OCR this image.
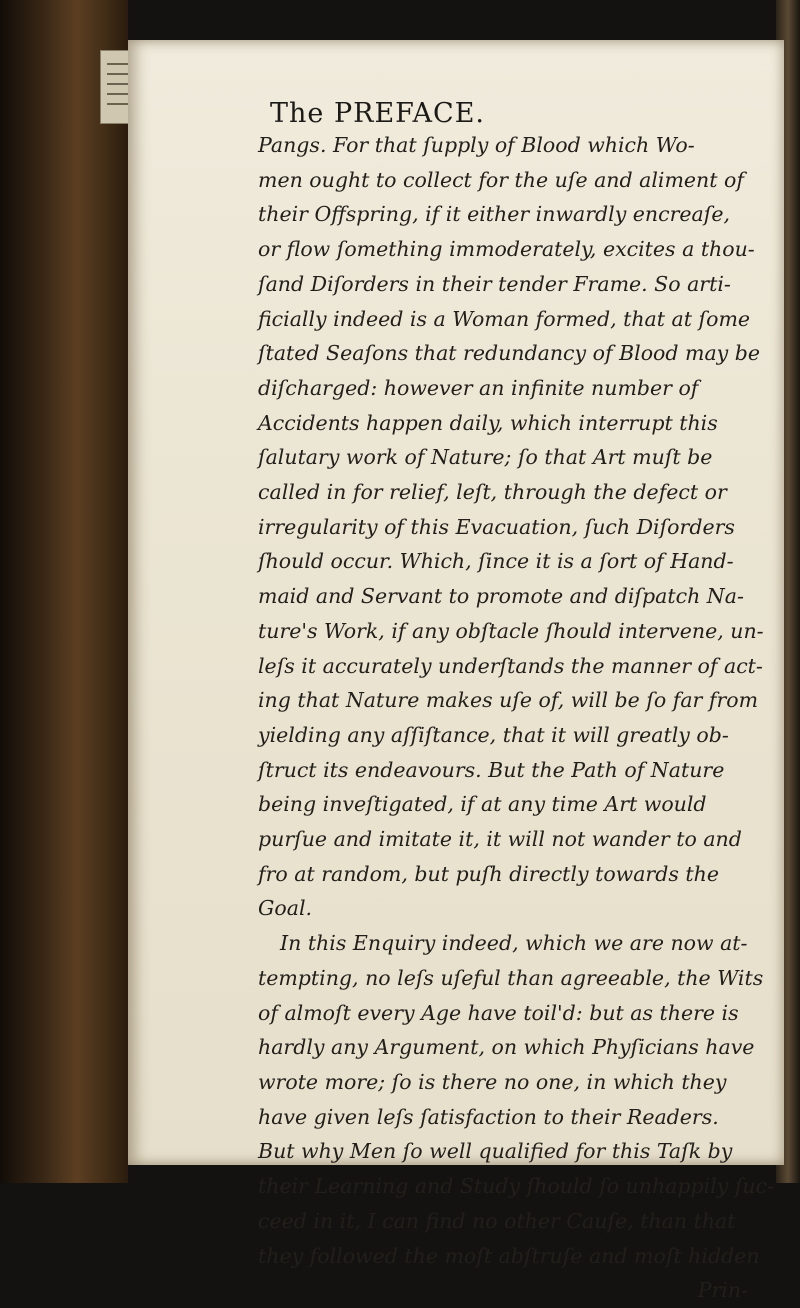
The PREFACE.
Pangs. For that ſupply of Blood which Wo-
men ought to collect for the uſe and aliment of
their Offspring, if it either inwardly encreaſe,
or flow ſomething immoderately, excites a thou-
ſand Diſorders in their tender Frame. So arti-
ficially indeed is a Woman formed, that at ſome
ſtated Seaſons that redundancy of Blood may be
diſcharged: however an infinite number of
Accidents happen daily, which interrupt this
ſalutary work of Nature; ſo that Art muſt be
called in for relief, leſt, through the defect or
irregularity of this Evacuation, ſuch Diſorders
ſhould occur. Which, ſince it is a ſort of Hand-
maid and Servant to promote and diſpatch Na-
ture's Work, if any obſtacle ſhould intervene, un-
leſs it accurately underſtands the manner of act-
ing that Nature makes uſe of, will be ſo far from
yielding any aſſiſtance, that it will greatly ob-
ſtruct its endeavours. But the Path of Nature
being inveſtigated, if at any time Art would
purſue and imitate it, it will not wander to and
fro at random, but puſh directly towards the
Goal.
In this Enquiry indeed, which we are now at-
tempting, no leſs uſeful than agreeable, the Wits
of almoſt every Age have toil'd: but as there is
hardly any Argument, on which Phyſicians have
wrote more; ſo is there no one, in which they
have given leſs ſatisfaction to their Readers.
But why Men ſo well qualified for this Taſk by
their Learning and Study ſhould ſo unhappily ſuc-
ceed in it, I can find no other Cauſe, than that
they followed the moſt abſtruſe and moſt hidden
Prin-
